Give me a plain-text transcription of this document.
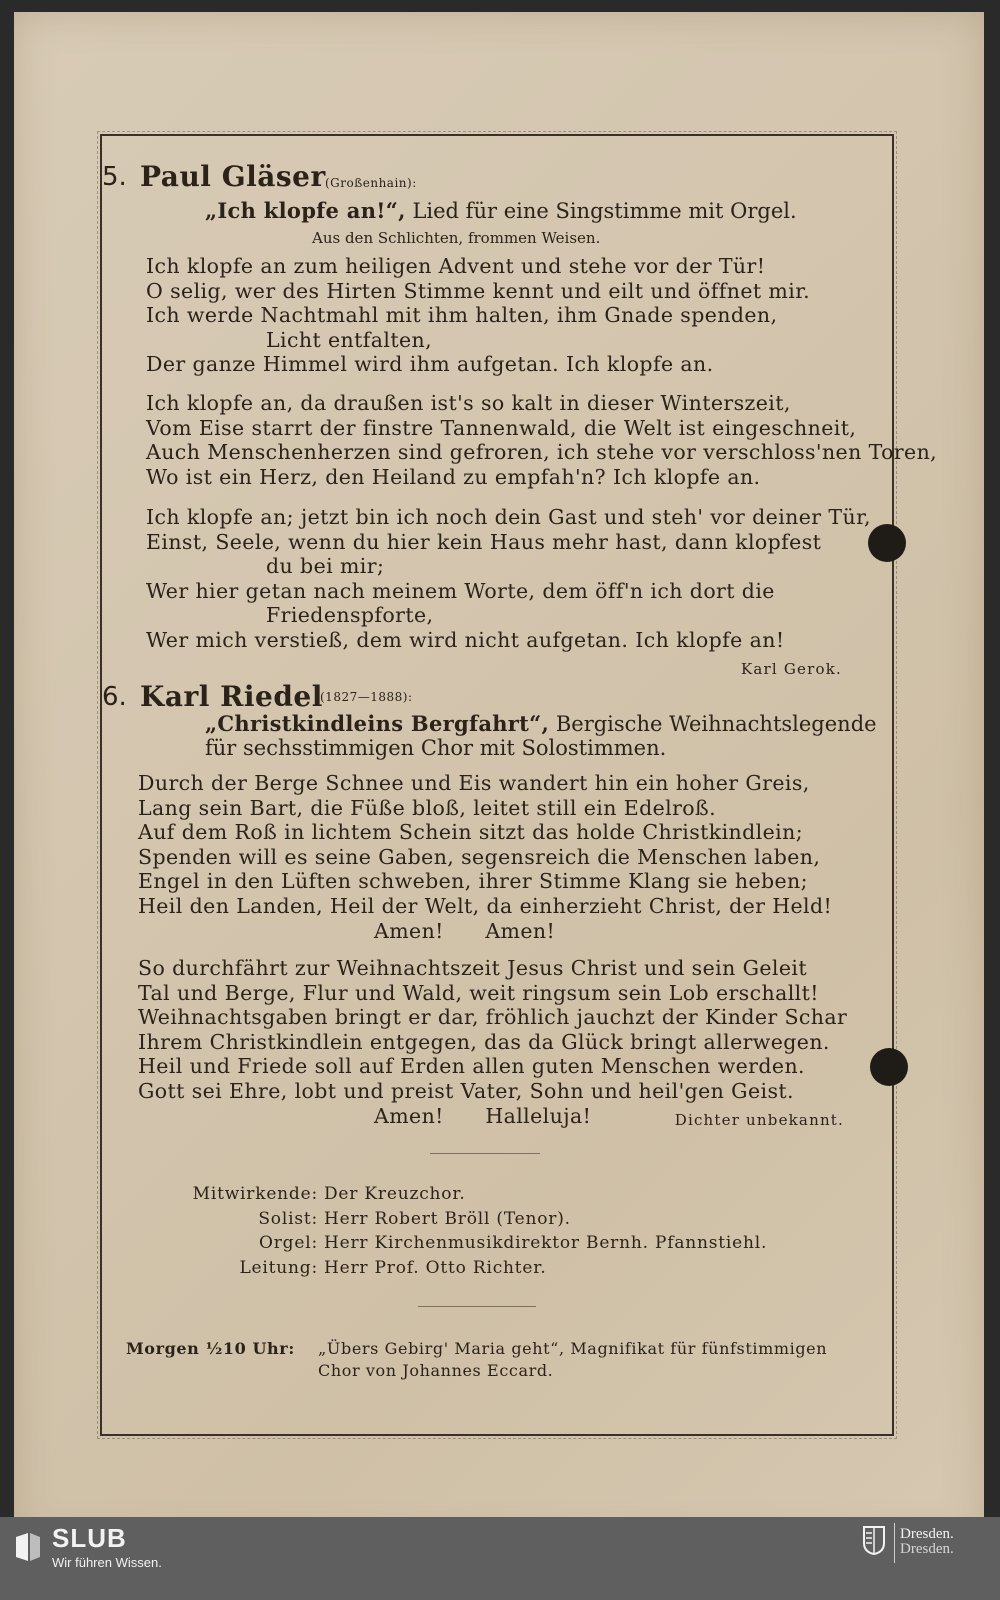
5. Paul Gläser (Großenhain):
„Ich klopfe an!“, Lied für eine Singstimme mit Orgel.
Aus den Schlichten, frommen Weisen.
Ich klopfe an zum heiligen Advent und stehe vor der Tür!
O selig, wer des Hirten Stimme kennt und eilt und öffnet mir.
Ich werde Nachtmahl mit ihm halten, ihm Gnade spenden,
Licht entfalten,
Der ganze Himmel wird ihm aufgetan. Ich klopfe an.
Ich klopfe an, da draußen ist's so kalt in dieser Winterszeit,
Vom Eise starrt der finstre Tannenwald, die Welt ist eingeschneit,
Auch Menschenherzen sind gefroren, ich stehe vor verschloss'nen Toren,
Wo ist ein Herz, den Heiland zu empfah'n? Ich klopfe an.
Ich klopfe an; jetzt bin ich noch dein Gast und steh' vor deiner Tür,
Einst, Seele, wenn du hier kein Haus mehr hast, dann klopfest
du bei mir;
Wer hier getan nach meinem Worte, dem öff'n ich dort die
Friedenspforte,
Wer mich verstieß, dem wird nicht aufgetan. Ich klopfe an!
Karl Gerok.
6. Karl Riedel
(1827—1888):
„Christkindleins Bergfahrt“, Bergische Weihnachtslegende
für sechsstimmigen Chor mit Solostimmen.
Durch der Berge Schnee und Eis wandert hin ein hoher Greis,
Lang sein Bart, die Füße bloß, leitet still ein Edelroß.
Auf dem Roß in lichtem Schein sitzt das holde Christkindlein;
Spenden will es seine Gaben, segensreich die Menschen laben,
Engel in den Lüften schweben, ihrer Stimme Klang sie heben;
Heil den Landen, Heil der Welt, da einherzieht Christ, der Held!
Amen!      Amen!
So durchfährt zur Weihnachtszeit Jesus Christ und sein Geleit
Tal und Berge, Flur und Wald, weit ringsum sein Lob erschallt!
Weihnachtsgaben bringt er dar, fröhlich jauchzt der Kinder Schar
Ihrem Christkindlein entgegen, das da Glück bringt allerwegen.
Heil und Friede soll auf Erden allen guten Menschen werden.
Gott sei Ehre, lobt und preist Vater, Sohn und heil'gen Geist.
Amen!      Halleluja!	Dichter unbekannt.
Mitwirkende: Der Kreuzchor.
Solist: Herr Robert Bröll (Tenor).
Orgel: Herr Kirchenmusikdirektor Bernh. Pfannstiehl.
Leitung: Herr Prof. Otto Richter.
Morgen ½10 Uhr:	„Übers Gebirg' Maria geht“, Magnifikat für fünfstimmigen
Chor von Johannes Eccard.
SLUB
Wir führen Wissen.
Dresden.
Dresden.
